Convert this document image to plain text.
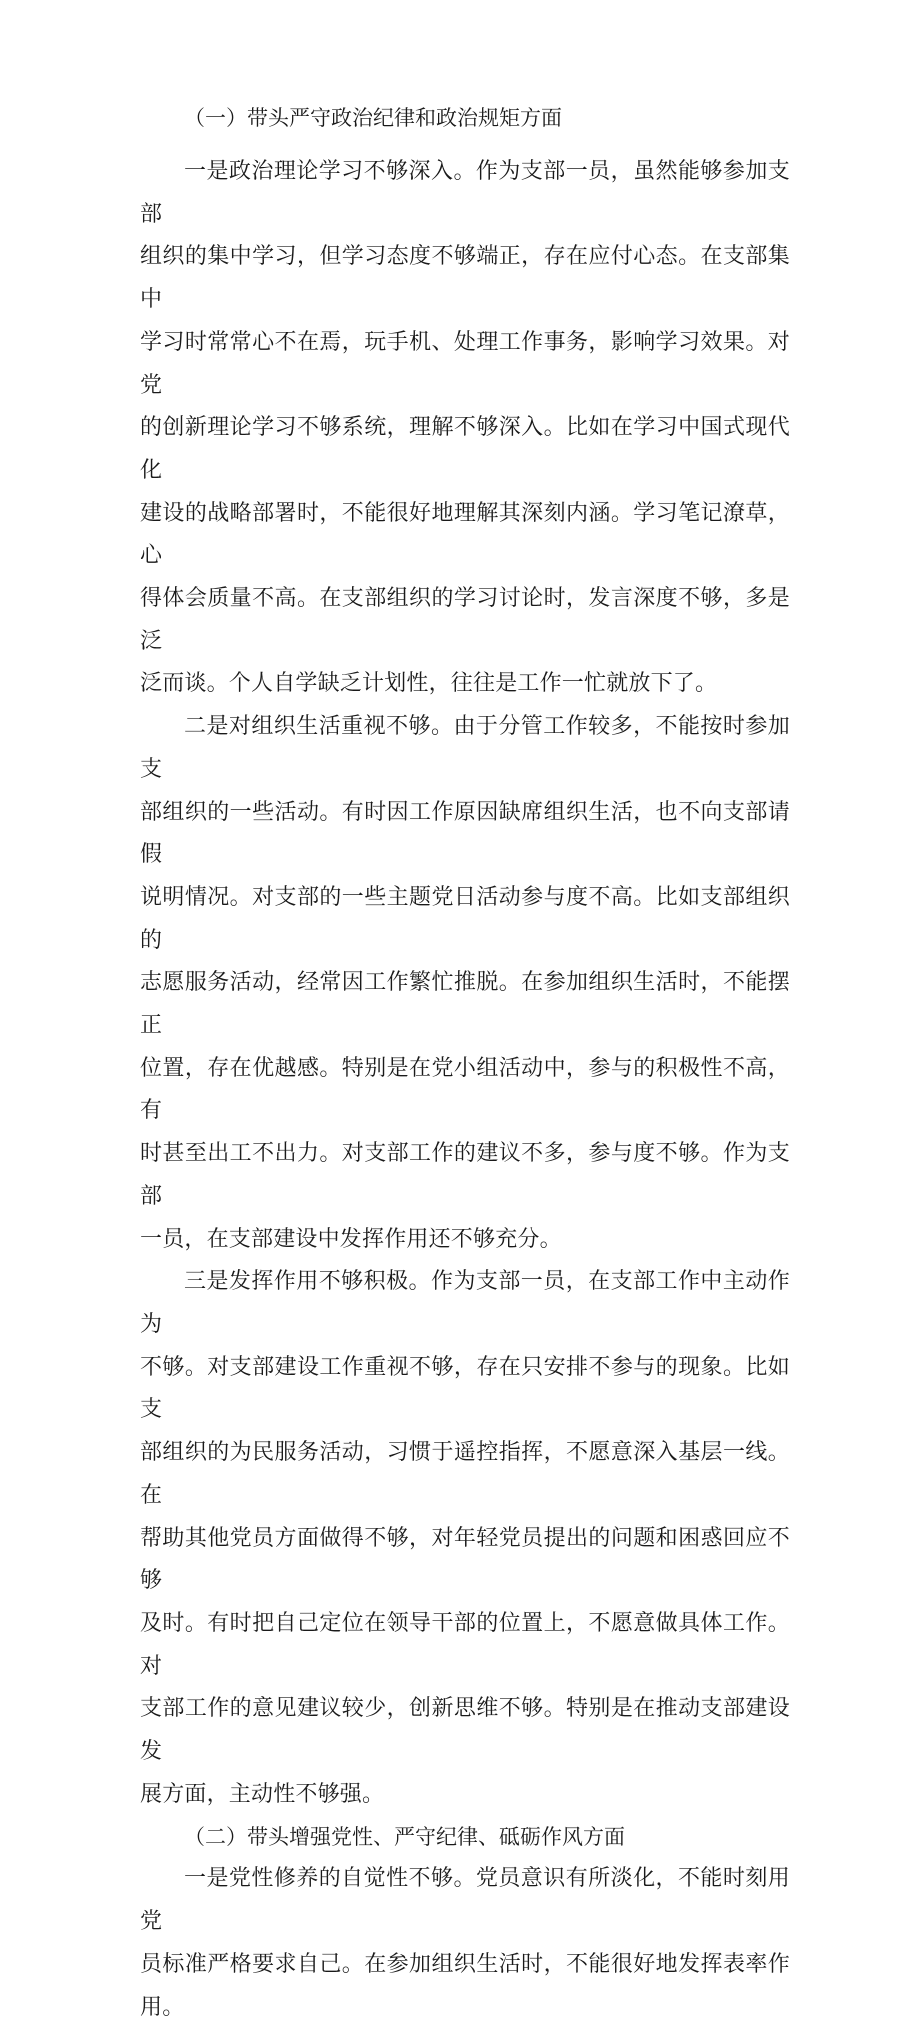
（一）带头严守政治纪律和政治规矩方面
一是政治理论学习不够深入。作为支部一员，虽然能够参加支部
组织的集中学习，但学习态度不够端正，存在应付心态。在支部集中
学习时常常心不在焉，玩手机、处理工作事务，影响学习效果。对党
的创新理论学习不够系统，理解不够深入。比如在学习中国式现代化
建设的战略部署时，不能很好地理解其深刻内涵。学习笔记潦草，心
得体会质量不高。在支部组织的学习讨论时，发言深度不够，多是泛
泛而谈。个人自学缺乏计划性，往往是工作一忙就放下了。
二是对组织生活重视不够。由于分管工作较多，不能按时参加支
部组织的一些活动。有时因工作原因缺席组织生活，也不向支部请假
说明情况。对支部的一些主题党日活动参与度不高。比如支部组织的
志愿服务活动，经常因工作繁忙推脱。在参加组织生活时，不能摆正
位置，存在优越感。特别是在党小组活动中，参与的积极性不高，有
时甚至出工不出力。对支部工作的建议不多，参与度不够。作为支部
一员，在支部建设中发挥作用还不够充分。
三是发挥作用不够积极。作为支部一员，在支部工作中主动作为
不够。对支部建设工作重视不够，存在只安排不参与的现象。比如支
部组织的为民服务活动，习惯于遥控指挥，不愿意深入基层一线。在
帮助其他党员方面做得不够，对年轻党员提出的问题和困惑回应不够
及时。有时把自己定位在领导干部的位置上，不愿意做具体工作。对
支部工作的意见建议较少，创新思维不够。特别是在推动支部建设发
展方面，主动性不够强。
（二）带头增强党性、严守纪律、砥砺作风方面
一是党性修养的自觉性不够。党员意识有所淡化，不能时刻用党
员标准严格要求自己。在参加组织生活时，不能很好地发挥表率作用。
